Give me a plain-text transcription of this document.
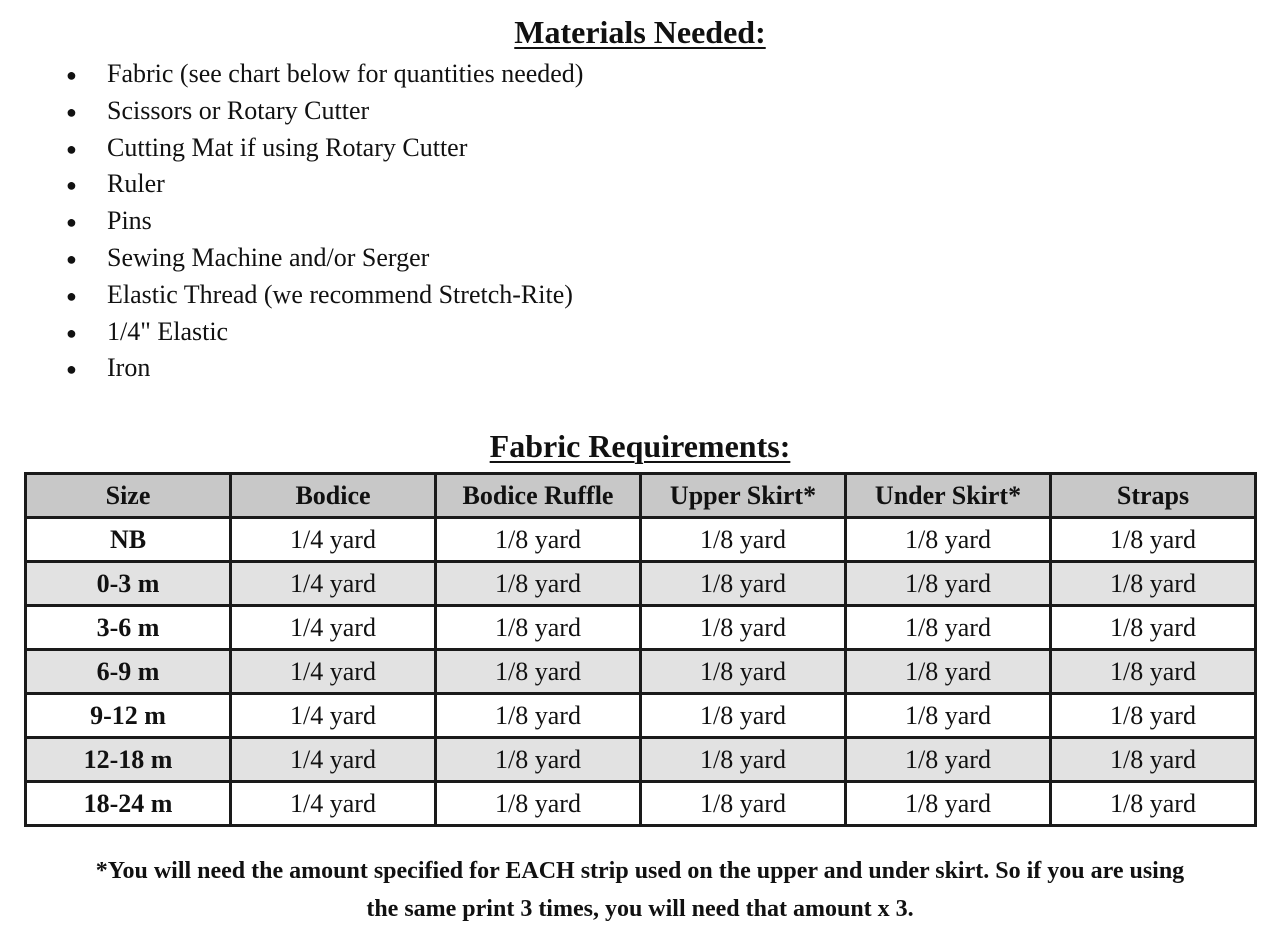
Materials Needed:
● Fabric (see chart below for quantities needed)
● Scissors or Rotary Cutter
● Cutting Mat if using Rotary Cutter
● Ruler
● Pins
● Sewing Machine and/or Serger
● Elastic Thread (we recommend Stretch-Rite)
● 1/4" Elastic
● Iron
Fabric Requirements:
Size	Bodice	Bodice Ruffle	Upper Skirt*	Under Skirt*	Straps
NB	1/4 yard	1/8 yard	1/8 yard	1/8 yard	1/8 yard
0-3 m	1/4 yard	1/8 yard	1/8 yard	1/8 yard	1/8 yard
3-6 m	1/4 yard	1/8 yard	1/8 yard	1/8 yard	1/8 yard
6-9 m	1/4 yard	1/8 yard	1/8 yard	1/8 yard	1/8 yard
9-12 m	1/4 yard	1/8 yard	1/8 yard	1/8 yard	1/8 yard
12-18 m	1/4 yard	1/8 yard	1/8 yard	1/8 yard	1/8 yard
18-24 m	1/4 yard	1/8 yard	1/8 yard	1/8 yard	1/8 yard

*You will need the amount specified for EACH strip used on the upper and under skirt. So if you are using
the same print 3 times, you will need that amount x 3.
